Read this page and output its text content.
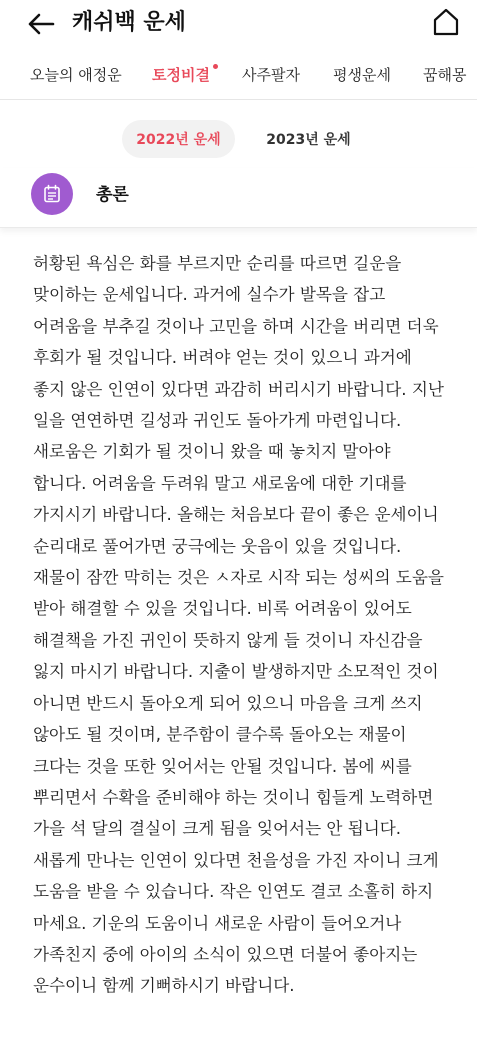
캐쉬백 운세
오늘의 애정운 토정비결 사주팔자 평생운세 꿈해몽
2022년 운세	2023년 운세
총론
허황된 욕심은 화를 부르지만 순리를 따르면 길운을 맞이하는 운세입니다. 과거에 실수가 발목을 잡고 어려움을 부추길 것이나 고민을 하며 시간을 버리면 더욱 후회가 될 것입니다. 버려야 얻는 것이 있으니 과거에 좋지 않은 인연이 있다면 과감히 버리시기 바랍니다. 지난 일을 연연하면 길성과 귀인도 돌아가게 마련입니다. 새로움은 기회가 될 것이니 왔을 때 놓치지 말아야 합니다. 어려움을 두려워 말고 새로움에 대한 기대를 가지시기 바랍니다. 올해는 처음보다 끝이 좋은 운세이니 순리대로 풀어가면 궁극에는 웃음이 있을 것입니다. 재물이 잠깐 막히는 것은 ㅅ자로 시작 되는 성씨의 도움을 받아 해결할 수 있을 것입니다. 비록 어려움이 있어도 해결책을 가진 귀인이 뜻하지 않게 들 것이니 자신감을 잃지 마시기 바랍니다. 지출이 발생하지만 소모적인 것이 아니면 반드시 돌아오게 되어 있으니 마음을 크게 쓰지 않아도 될 것이며, 분주함이 클수록 돌아오는 재물이 크다는 것을 또한 잊어서는 안될 것입니다. 봄에 씨를 뿌리면서 수확을 준비해야 하는 것이니 힘들게 노력하면 가을 석 달의 결실이 크게 됨을 잊어서는 안 됩니다. 새롭게 만나는 인연이 있다면 천을성을 가진 자이니 크게 도움을 받을 수 있습니다. 작은 인연도 결코 소홀히 하지 마세요. 기운의 도움이니 새로운 사람이 들어오거나 가족친지 중에 아이의 소식이 있으면 더불어 좋아지는 운수이니 함께 기뻐하시기 바랍니다.
